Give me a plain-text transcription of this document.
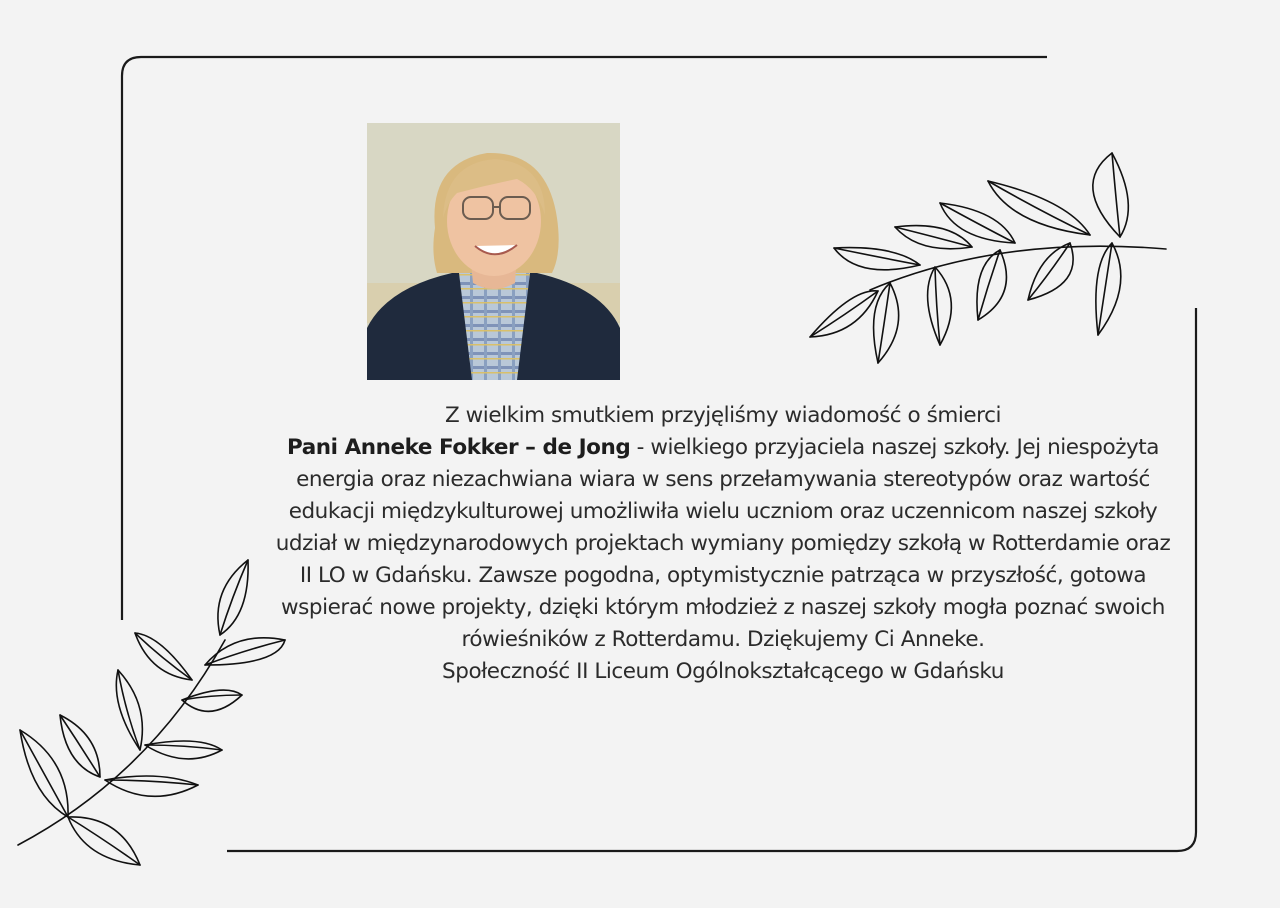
Z wielkim smutkiem przyjęliśmy wiadomość o śmierci

Pani Anneke Fokker – de Jong - wielkiego przyjaciela naszej szkoły. Jej niespożyta energia oraz niezachwiana wiara w sens przełamywania stereotypów oraz wartość edukacji międzykulturowej umożliwiła wielu uczniom oraz uczennicom naszej szkoły udział w międzynarodowych projektach wymiany pomiędzy szkołą w Rotterdamie oraz II LO w Gdańsku. Zawsze pogodna, optymistycznie patrząca w przyszłość, gotowa wspierać nowe projekty, dzięki którym młodzież z naszej szkoły mogła poznać swoich rówieśników z Rotterdamu. Dziękujemy Ci Anneke.

Społeczność II Liceum Ogólnokształcącego w Gdańsku
